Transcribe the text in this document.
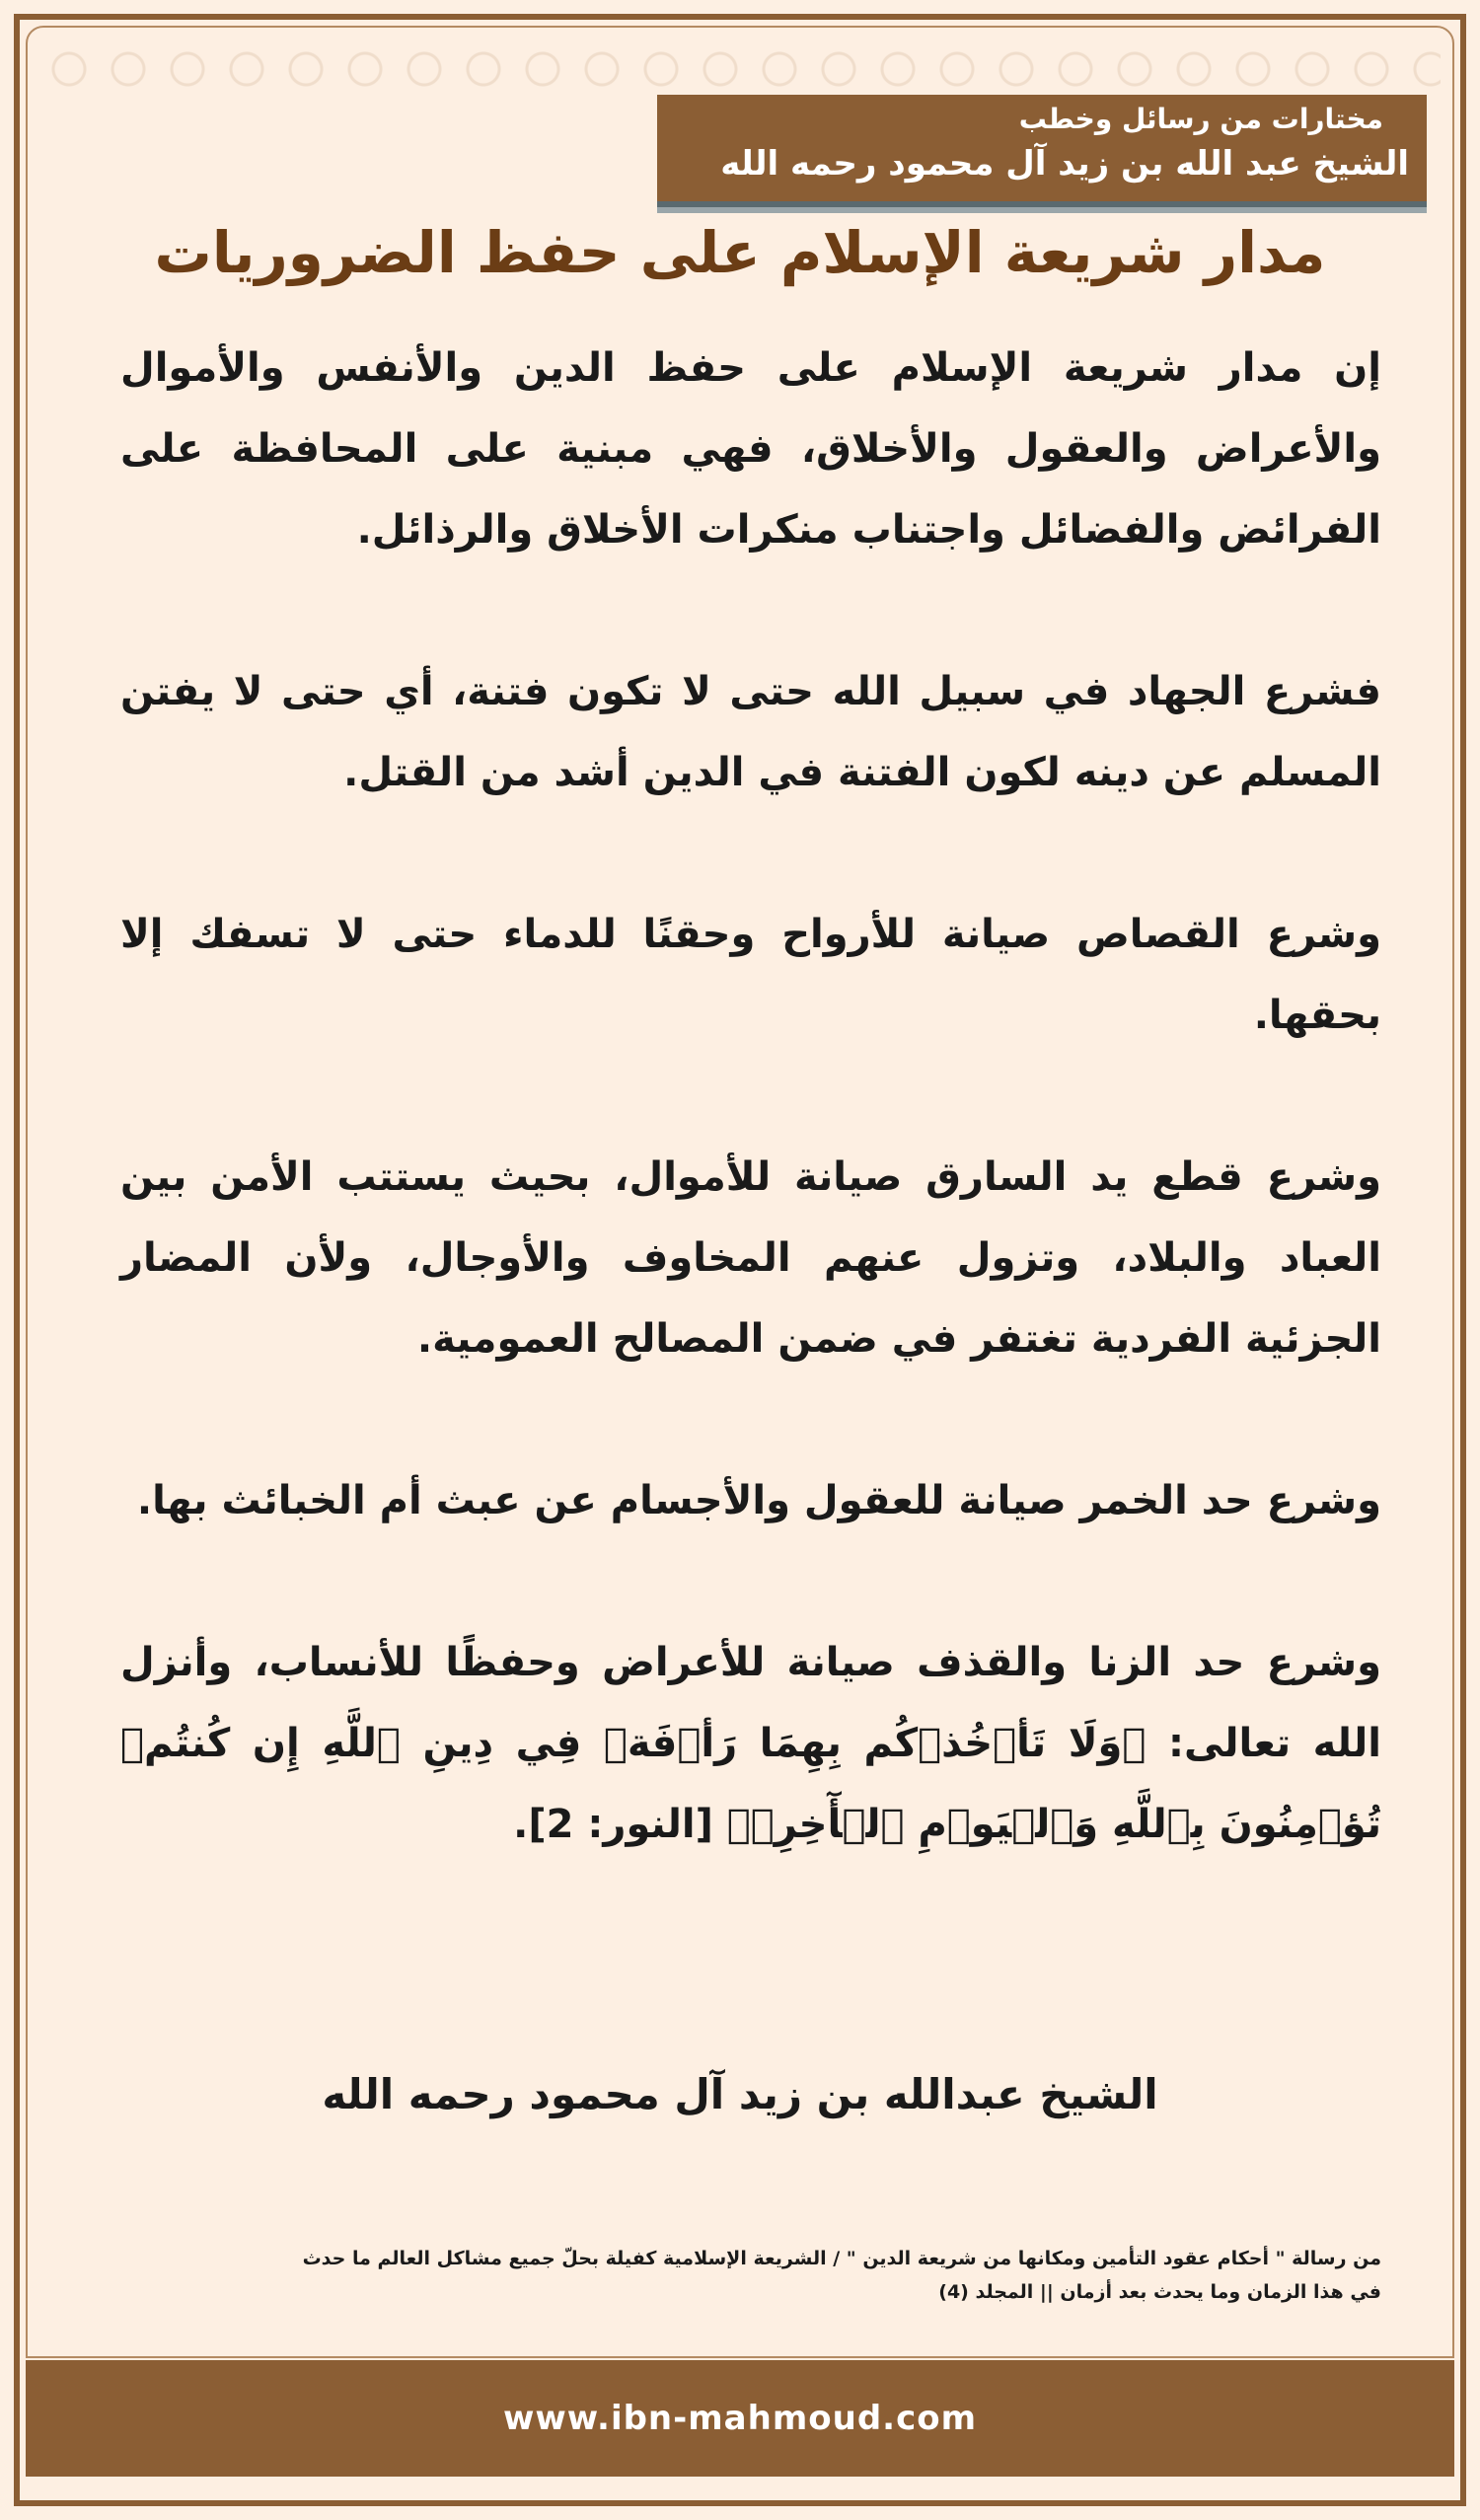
مختارات من رسائل وخطب
الشيخ عبد الله بن زيد آل محمود رحمه الله
مدار شريعة الإسلام على حفظ الضروريات

إن مدار شريعة الإسلام على حفظ الدين والأنفس والأموال والأعراض والعقول والأخلاق، فهي مبنية على المحافظة على الفرائض والفضائل واجتناب منكرات الأخلاق والرذائل.

فشرع الجهاد في سبيل الله حتى لا تكون فتنة، أي حتى لا يفتن المسلم عن دينه لكون الفتنة في الدين أشد من القتل.

وشرع القصاص صيانة للأرواح وحقنًا للدماء حتى لا تسفك إلا بحقها.

وشرع قطع يد السارق صيانة للأموال، بحيث يستتب الأمن بين العباد والبلاد، وتزول عنهم المخاوف والأوجال، ولأن المضار الجزئية الفردية تغتفر في ضمن المصالح العمومية.

وشرع حد الخمر صيانة للعقول والأجسام عن عبث أم الخبائث بها.

وشرع حد الزنا والقذف صيانة للأعراض وحفظًا للأنساب، وأنزل الله تعالى: ﴿وَلَا تَأۡخُذۡكُم بِهِمَا رَأۡفَةٞ فِي دِينِ ٱللَّهِ إِن كُنتُمۡ تُؤۡمِنُونَ بِٱللَّهِ وَٱلۡيَوۡمِ ٱلۡأٓخِرِۖ﴾ [النور: 2].

الشيخ عبدالله بن زيد آل محمود رحمه الله
من رسالة " أحكام عقود التأمين ومكانها من شريعة الدين " / الشريعة الإسلامية كفيلة بحلّ جميع مشاكل العالم ما حدث
في هذا الزمان وما يحدث بعد أزمان || المجلد (4)
www.ibn-mahmoud.com
